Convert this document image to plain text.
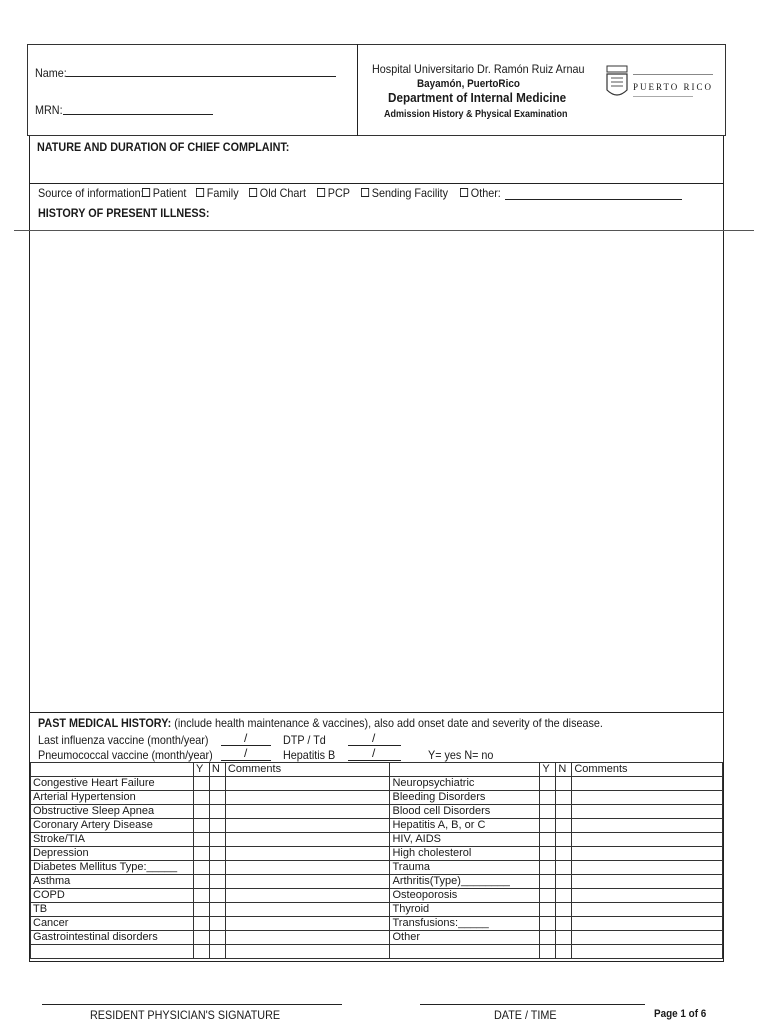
Name:
MRN:
Hospital Universitario Dr. Ramón Ruiz Arnau
Bayamón, PuertoRico
Department of Internal Medicine
Admission History & Physical Examination
PUERTO RICO
NATURE AND DURATION OF CHIEF COMPLAINT:
Source of information: Patient	Family	Old Chart	PCP	Sending Facility	Other:
HISTORY OF PRESENT ILLNESS:
PAST MEDICAL HISTORY: (include health maintenance & vaccines), also add onset date and severity of the disease.
Last influenza vaccine (month/year)	/	DTP / Td	/
Pneumococcal vaccine (month/year)	/	Hepatitis B	/	Y= yes N= no
	Y	N	Comments		Y	N	Comments
Congestive Heart Failure				Neuropsychiatric			
Arterial Hypertension				Bleeding Disorders			
Obstructive Sleep Apnea				Blood cell Disorders			
Coronary Artery Disease				Hepatitis A, B, or C			
Stroke/TIA				HIV, AIDS			
Depression				High cholesterol			
Diabetes Mellitus Type:_____				Trauma			
Asthma				Arthritis(Type)________			
COPD				Osteoporosis			
TB				Thyroid			
Cancer				Transfusions:_____			
Gastrointestinal disorders				Other			

RESIDENT PHYSICIAN'S SIGNATURE	DATE / TIME	Page 1 of 6
